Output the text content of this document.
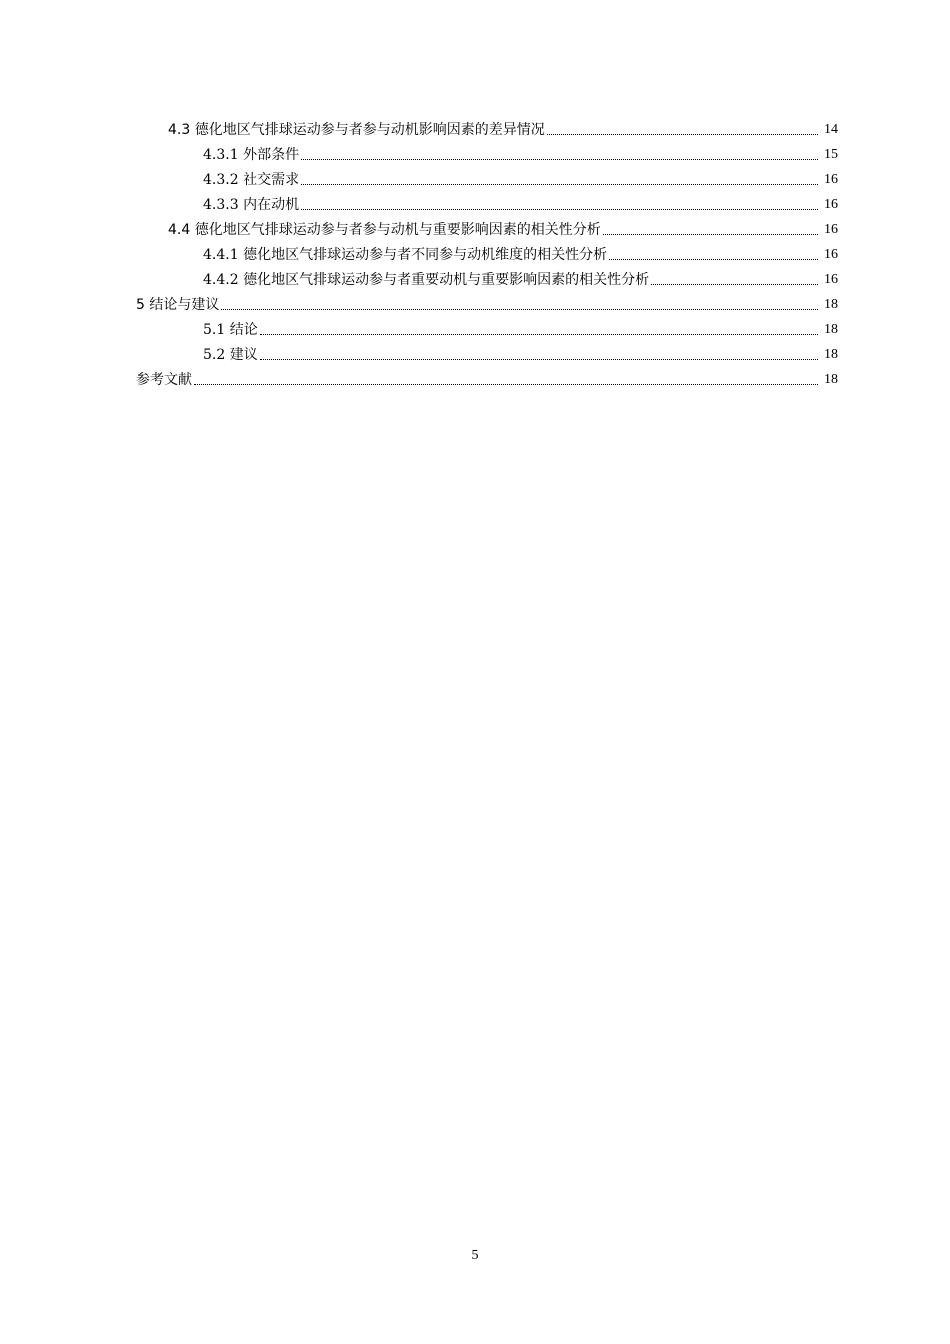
4.3 德化地区气排球运动参与者参与动机影响因素的差异情况	14
4.3.1 外部条件	15
4.3.2 社交需求	16
4.3.3 内在动机	16
4.4 德化地区气排球运动参与者参与动机与重要影响因素的相关性分析	16
4.4.1 德化地区气排球运动参与者不同参与动机维度的相关性分析	16
4.4.2 德化地区气排球运动参与者重要动机与重要影响因素的相关性分析	16
5 结论与建议	18
5.1 结论	18
5.2 建议	18
参考文献	18
5
